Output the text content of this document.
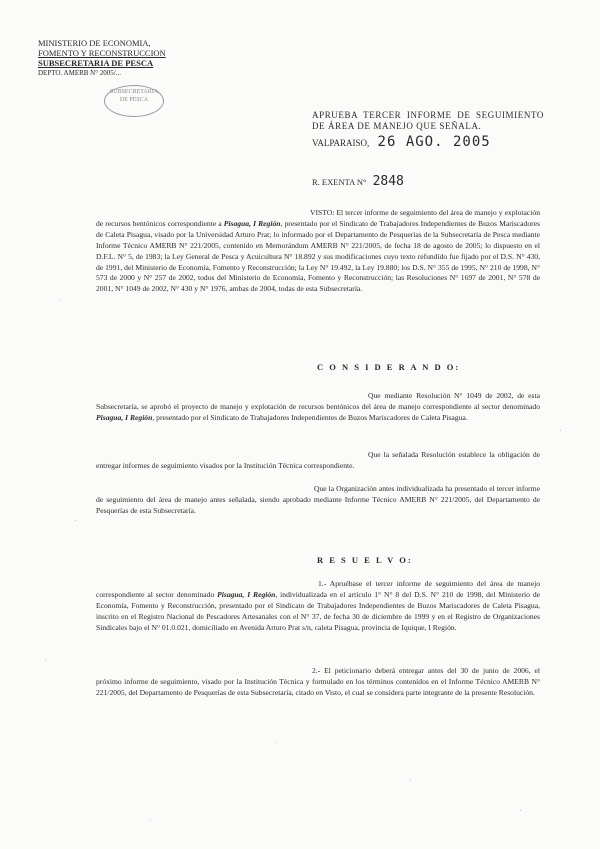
MINISTERIO DE ECONOMIA,
FOMENTO Y RECONSTRUCCION
SUBSECRETARIA DE PESCA
DEPTO. AMERB N° 2005/...
SUBSECRETARIA
DE PESCA
APRUEBA TERCER INFORME DE SEGUIMIENTO DE ÁREA DE MANEJO QUE SEÑALA.
VALPARAISO, 26 AGO. 2005
R. EXENTA N° 2848
VISTO: El tercer informe de seguimiento del área de manejo y explotación de recursos bentónicos correspondiente a Pisagua, I Región, presentado por el Sindicato de Trabajadores Independientes de Buzos Mariscadores de Caleta Pisagua, visado por la Universidad Arturo Prat; lo informado por el Departamento de Pesquerías de la Subsecretaría de Pesca mediante Informe Técnico AMERB N° 221/2005, contenido en Memorándum AMERB N° 221/2005, de fecha 18 de agosto de 2005; lo dispuesto en el D.F.L. N° 5, de 1983; la Ley General de Pesca y Acuicultura N° 18.892 y sus modificaciones cuyo texto refundido fue fijado por el D.S. N° 430, de 1991, del Ministerio de Economía, Fomento y Reconstrucción; la Ley N° 19.492, la Ley 19.880; los D.S. N° 355 de 1995, N° 210 de 1998, N° 573 de 2000 y N° 257 de 2002, todos del Ministerio de Economía, Fomento y Reconstrucción; las Resoluciones N° 1697 de 2001, N° 578 de 2001, N° 1049 de 2002, N° 430 y N° 1976, ambas de 2004, todas de esta Subsecretaría.
C O N S I D E R A N D O:
Que mediante Resolución N° 1049 de 2002, de esta Subsecretaría, se aprobó el proyecto de manejo y explotación de recursos bentónicos del área de manejo correspondiente al sector denominado Pisagua, I Región, presentado por el Sindicato de Trabajadores Independientes de Buzos Mariscadores de Caleta Pisagua.
Que la señalada Resolución establece la obligación de entregar informes de seguimiento visados por la Institución Técnica correspondiente.
Que la Organización antes individualizada ha presentado el tercer informe de seguimiento del área de manejo antes señalada, siendo aprobado mediante Informe Técnico AMERB N° 221/2005, del Departamento de Pesquerías de esta Subsecretaría.
R E S U E L V O:
1.- Apruébase el tercer informe de seguimiento del área de manejo correspondiente al sector denominado Pisagua, I Región, individualizada en el artículo 1° N° 8 del D.S. N° 210 de 1998, del Ministerio de Economía, Fomento y Reconstrucción, presentado por el Sindicato de Trabajadores Independientes de Buzos Mariscadores de Caleta Pisagua, inscrito en el Registro Nacional de Pescadores Artesanales con el N° 37, de fecha 30 de diciembre de 1999 y en el Registro de Organizaciones Sindicales bajo el N° 01.0.021, domiciliado en Avenida Arturo Prat s/n, caleta Pisagua, provincia de Iquique, I Región.
2.- El peticionario deberá entregar antes del 30 de junio de 2006, el próximo informe de seguimiento, visado por la Institución Técnica y formulado en los términos contenidos en el Informe Técnico AMERB N° 221/2005, del Departamento de Pesquerías de esta Subsecretaría, citado en Visto, el cual se considera parte integrante de la presente Resolución.
